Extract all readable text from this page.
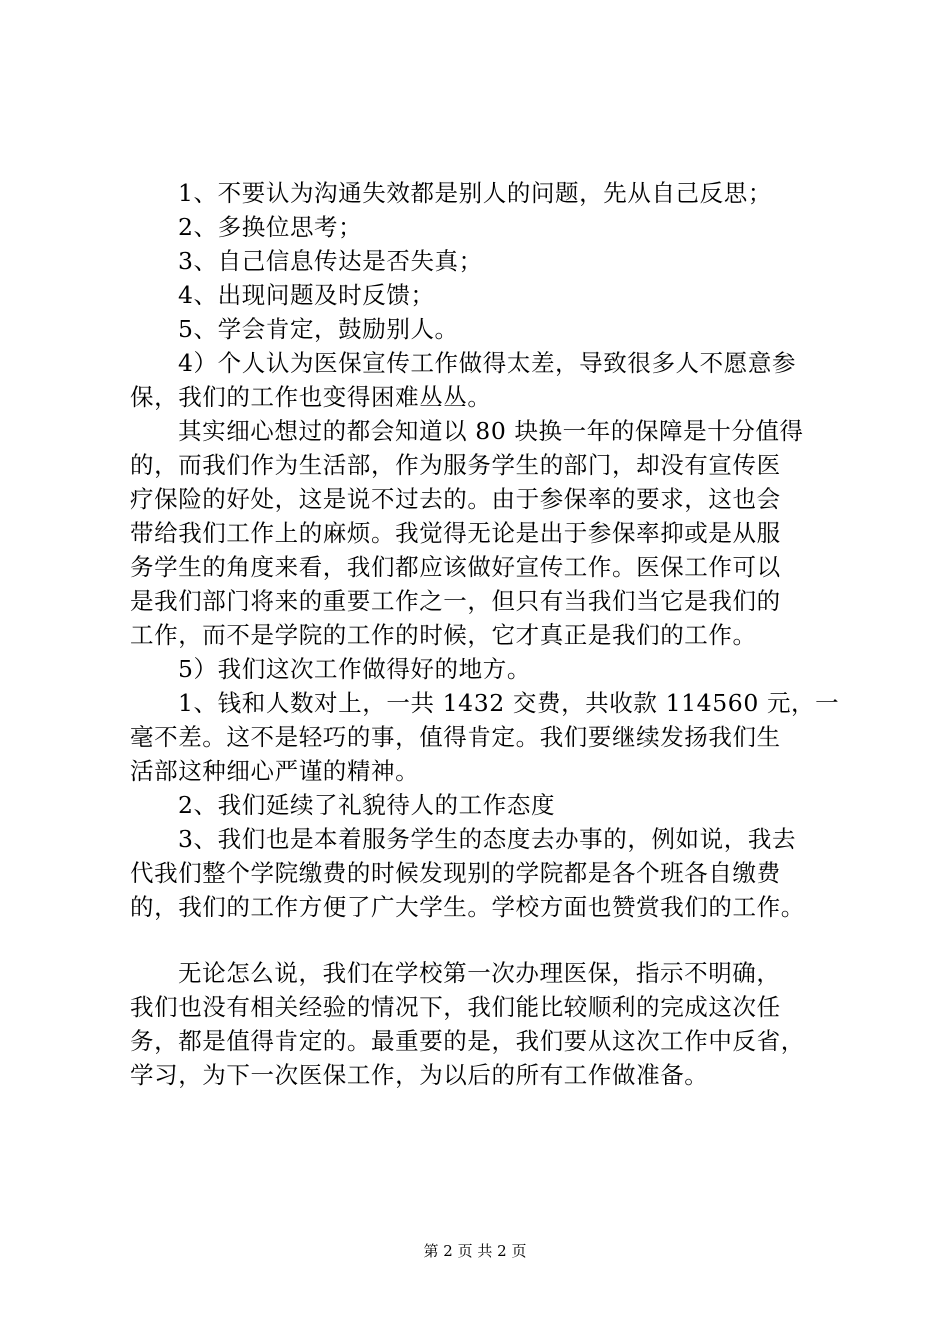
1、不要认为沟通失效都是别人的问题，先从自己反思；

2、多换位思考；

3、自己信息传达是否失真；

4、出现问题及时反馈；

5、学会肯定，鼓励别人。

4）个人认为医保宣传工作做得太差，导致很多人不愿意参

保，我们的工作也变得困难丛丛。

其实细心想过的都会知道以 80 块换一年的保障是十分值得

的，而我们作为生活部，作为服务学生的部门，却没有宣传医

疗保险的好处，这是说不过去的。由于参保率的要求，这也会

带给我们工作上的麻烦。我觉得无论是出于参保率抑或是从服

务学生的角度来看，我们都应该做好宣传工作。医保工作可以

是我们部门将来的重要工作之一，但只有当我们当它是我们的

工作，而不是学院的工作的时候，它才真正是我们的工作。

5）我们这次工作做得好的地方。

1、钱和人数对上，一共 1432 交费，共收款 114560 元，一

毫不差。这不是轻巧的事，值得肯定。我们要继续发扬我们生

活部这种细心严谨的精神。

2、我们延续了礼貌待人的工作态度

3、我们也是本着服务学生的态度去办事的，例如说，我去

代我们整个学院缴费的时候发现别的学院都是各个班各自缴费

的，我们的工作方便了广大学生。学校方面也赞赏我们的工作。

无论怎么说，我们在学校第一次办理医保，指示不明确，

我们也没有相关经验的情况下，我们能比较顺利的完成这次任

务，都是值得肯定的。最重要的是，我们要从这次工作中反省，

学习，为下一次医保工作，为以后的所有工作做准备。

第 2 页 共 2 页
